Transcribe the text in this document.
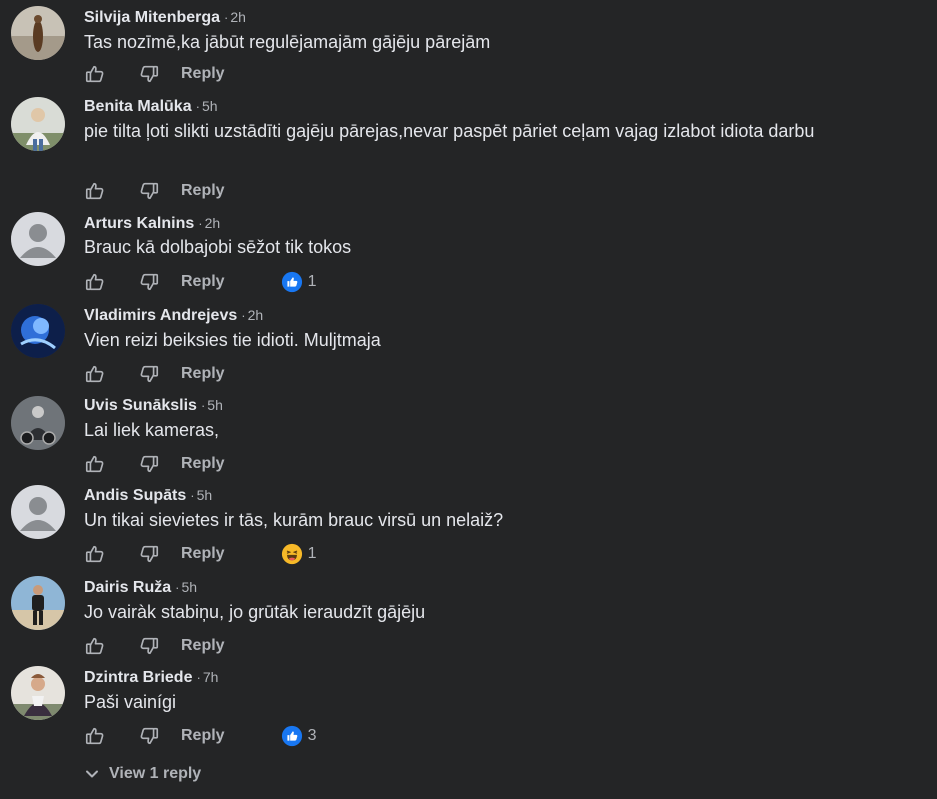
Silvija Mitenberga · 2h
Tas nozīmē,ka jābūt regulējamajām gājēju pārejām
Reply
Benita Malūka · 5h
pie tilta ļoti slikti uzstādīti gajēju pārejas,nevar paspēt pāriet ceļam vajag izlabot idiota darbu
Reply
Arturs Kalnins · 2h
Brauc kā dolbajobi sēžot tik tokos
Reply	1
Vladimirs Andrejevs · 2h
Vien reizi beiksies tie idioti. Muljtmaja
Reply
Uvis Sunākslis · 5h
Lai liek kameras,
Reply
Andis Supāts · 5h
Un tikai sievietes ir tās, kurām brauc virsū un nelaiž?
Reply	1
Dairis Ruža · 5h
Jo vairàk stabiņu, jo grūtāk ieraudzīt gājēju
Reply
Dzintra Briede · 7h
Paši vainígi
Reply	3
View 1 reply
